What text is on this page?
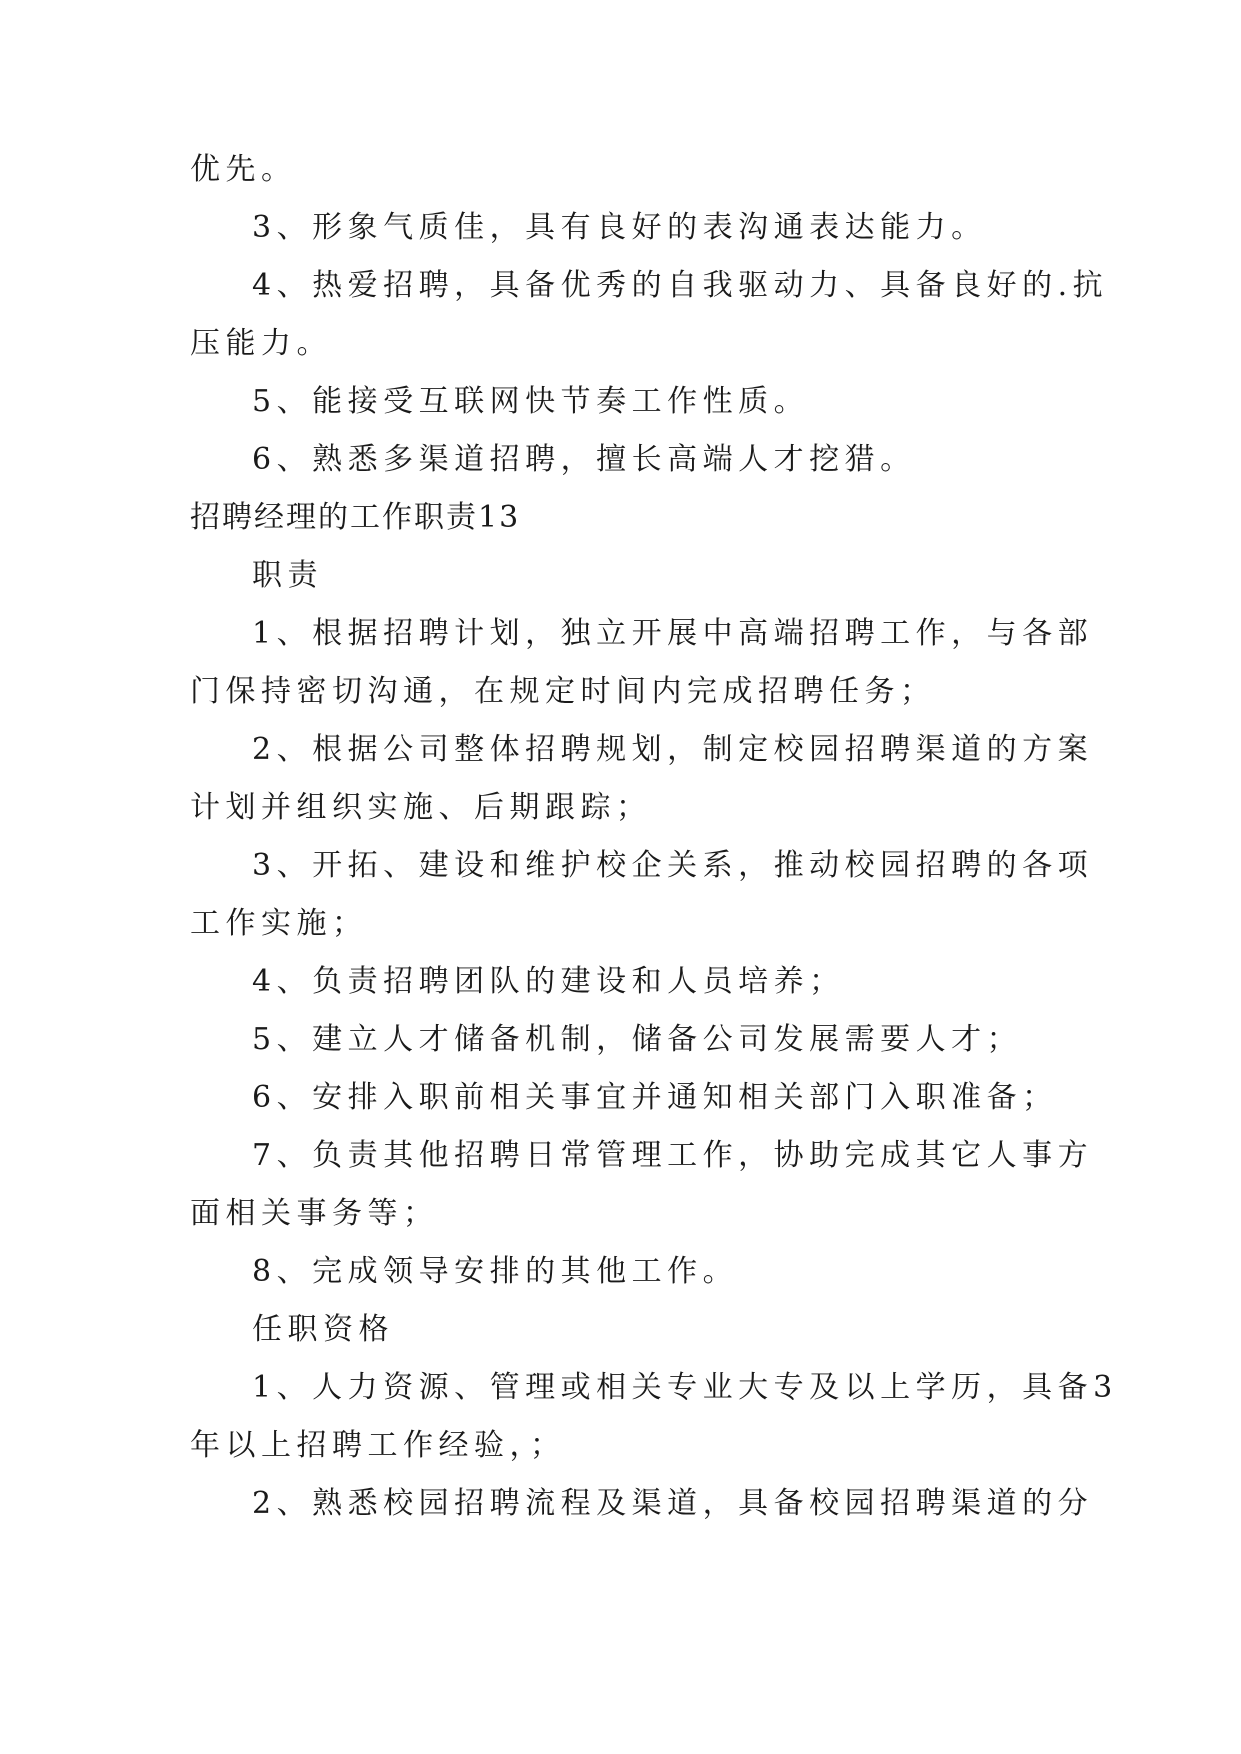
优先。
3、形象气质佳，具有良好的表沟通表达能力。
4、热爱招聘，具备优秀的自我驱动力、具备良好的.抗
压能力。
5、能接受互联网快节奏工作性质。
6、熟悉多渠道招聘，擅长高端人才挖猎。
招聘经理的工作职责13
职责
1、根据招聘计划，独立开展中高端招聘工作，与各部
门保持密切沟通，在规定时间内完成招聘任务；
2、根据公司整体招聘规划，制定校园招聘渠道的方案
计划并组织实施、后期跟踪；
3、开拓、建设和维护校企关系，推动校园招聘的各项
工作实施；
4、负责招聘团队的建设和人员培养；
5、建立人才储备机制，储备公司发展需要人才；
6、安排入职前相关事宜并通知相关部门入职准备；
7、负责其他招聘日常管理工作，协助完成其它人事方
面相关事务等；
8、完成领导安排的其他工作。
任职资格
1、人力资源、管理或相关专业大专及以上学历，具备3
年以上招聘工作经验，；
2、熟悉校园招聘流程及渠道，具备校园招聘渠道的分
